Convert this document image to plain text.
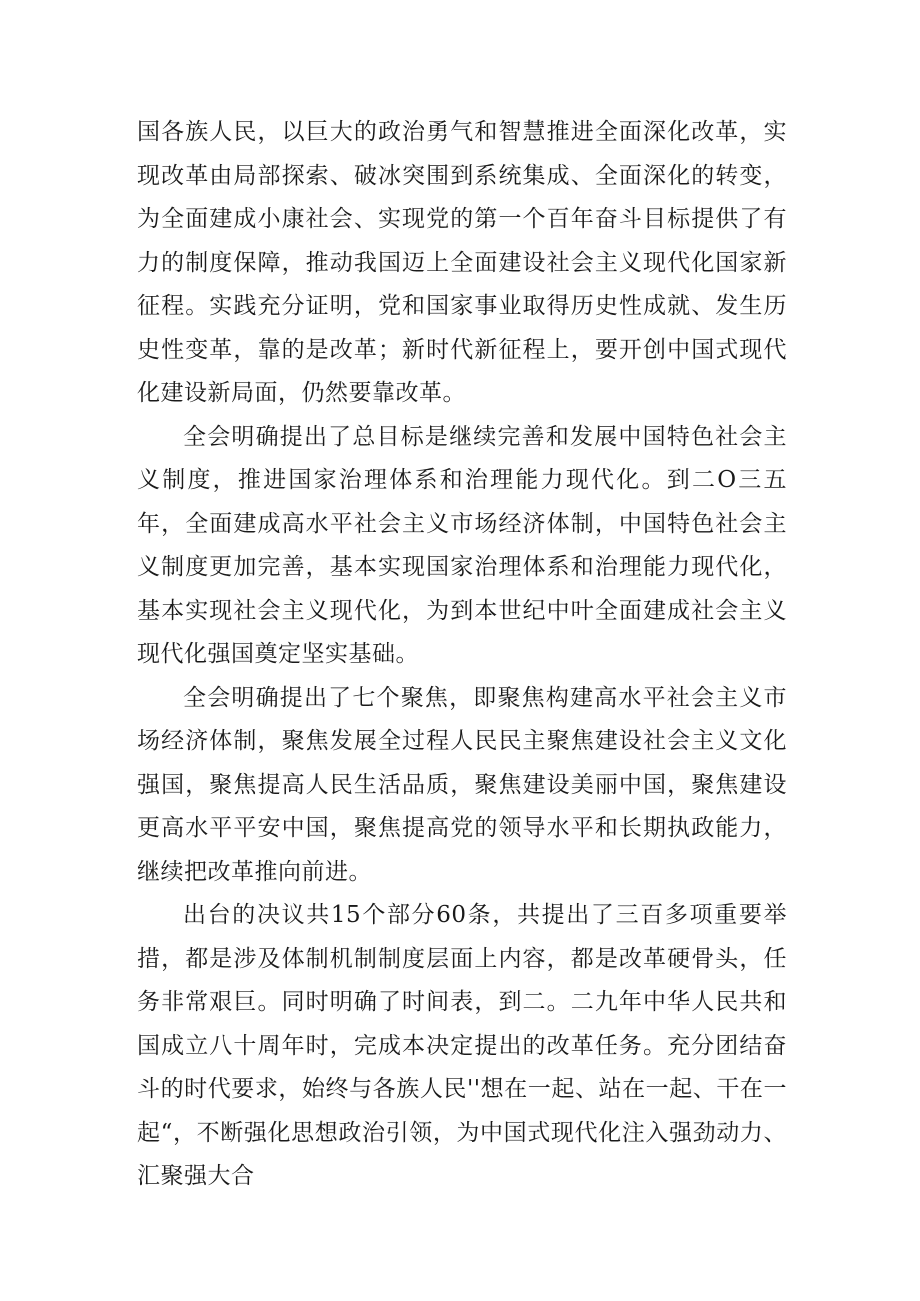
国各族人民，以巨大的政治勇气和智慧推进全面深化改革，实现改革由局部探索、破冰突围到系统集成、全面深化的转变，为全面建成小康社会、实现党的第一个百年奋斗目标提供了有力的制度保障，推动我国迈上全面建设社会主义现代化国家新征程。实践充分证明，党和国家事业取得历史性成就、发生历史性变革，靠的是改革；新时代新征程上，要开创中国式现代化建设新局面，仍然要靠改革。

全会明确提出了总目标是继续完善和发展中国特色社会主义制度，推进国家治理体系和治理能力现代化。到二O三五年，全面建成高水平社会主义市场经济体制，中国特色社会主义制度更加完善，基本实现国家治理体系和治理能力现代化，基本实现社会主义现代化，为到本世纪中叶全面建成社会主义现代化强国奠定坚实基础。

全会明确提出了七个聚焦，即聚焦构建高水平社会主义市场经济体制，聚焦发展全过程人民民主聚焦建设社会主义文化强国，聚焦提高人民生活品质，聚焦建设美丽中国，聚焦建设更高水平平安中国，聚焦提高党的领导水平和长期执政能力，继续把改革推向前进。

出台的决议共15个部分60条，共提出了三百多项重要举措，都是涉及体制机制制度层面上内容，都是改革硬骨头，任务非常艰巨。同时明确了时间表，到二。二九年中华人民共和国成立八十周年时，完成本决定提出的改革任务。充分团结奋斗的时代要求，始终与各族人民''想在一起、站在一起、干在一起“，不断强化思想政治引领，为中国式现代化注入强劲动力、汇聚强大合
